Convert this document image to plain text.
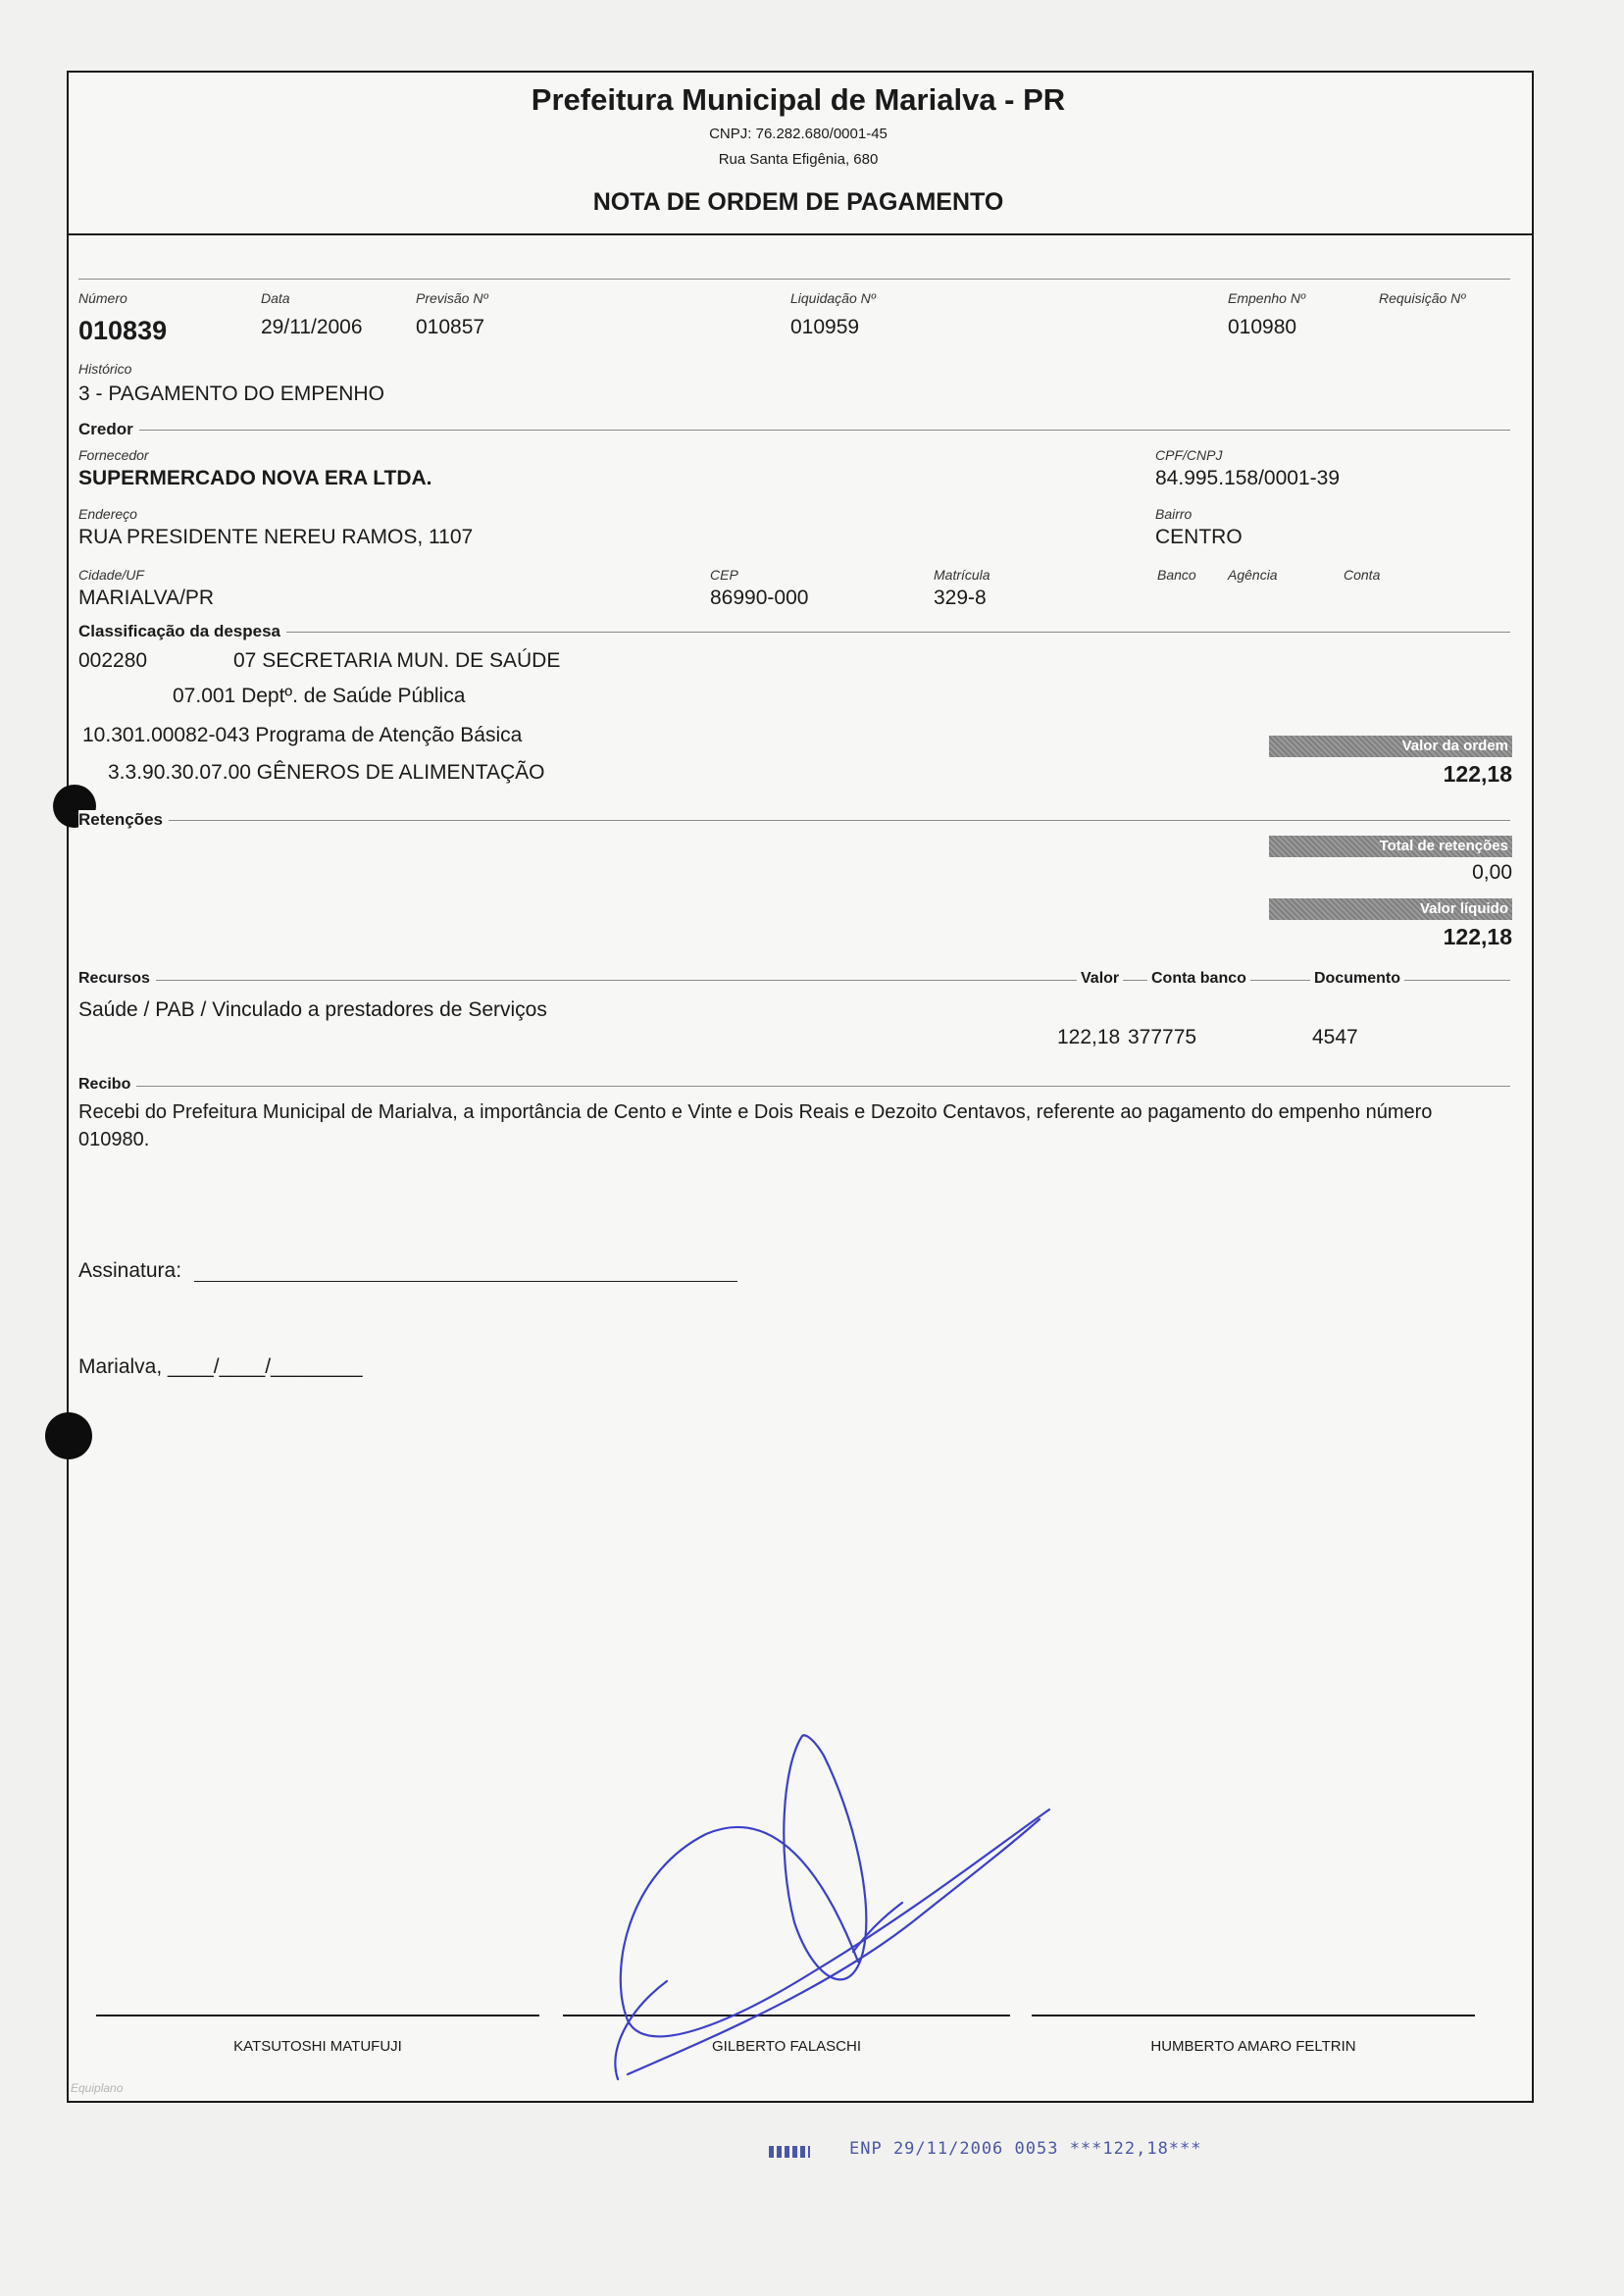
Prefeitura Municipal de Marialva - PR
CNPJ: 76.282.680/0001-45
Rua Santa Efigênia, 680
NOTA DE ORDEM DE PAGAMENTO
Número
010839
Data
29/11/2006
Previsão Nº
010857
Liquidação Nº
010959
Empenho Nº
010980
Requisição Nº
Histórico
3 - PAGAMENTO DO EMPENHO
Credor
Fornecedor
SUPERMERCADO NOVA ERA LTDA.
CPF/CNPJ
84.995.158/0001-39
Endereço
RUA PRESIDENTE NEREU RAMOS, 1107
Bairro
CENTRO
Cidade/UF
MARIALVA/PR
CEP
86990-000
Matrícula
329-8
Banco Agência	Conta
Classificação da despesa
002280	07 SECRETARIA MUN. DE SAÚDE
07.001 Deptº. de Saúde Pública
10.301.00082-043 Programa de Atenção Básica
3.3.90.30.07.00 GÊNEROS DE ALIMENTAÇÃO
Valor da ordem
122,18
Retenções
Total de retenções
0,00
Valor líquido
122,18
Recursos	Valor Conta banco	Documento
Saúde / PAB / Vinculado a prestadores de Serviços
122,18 377775	4547
Recibo
Recebi do Prefeitura Municipal de Marialva, a importância de Cento e Vinte e Dois Reais e Dezoito Centavos, referente ao pagamento do empenho número 010980.
Assinatura:
Marialva, ____/____/________
KATSUTOSHI MATUFUJI	GILBERTO FALASCHI	HUMBERTO AMARO FELTRIN
Equiplano
ENP 29/11/2006 0053 ***122,18***
